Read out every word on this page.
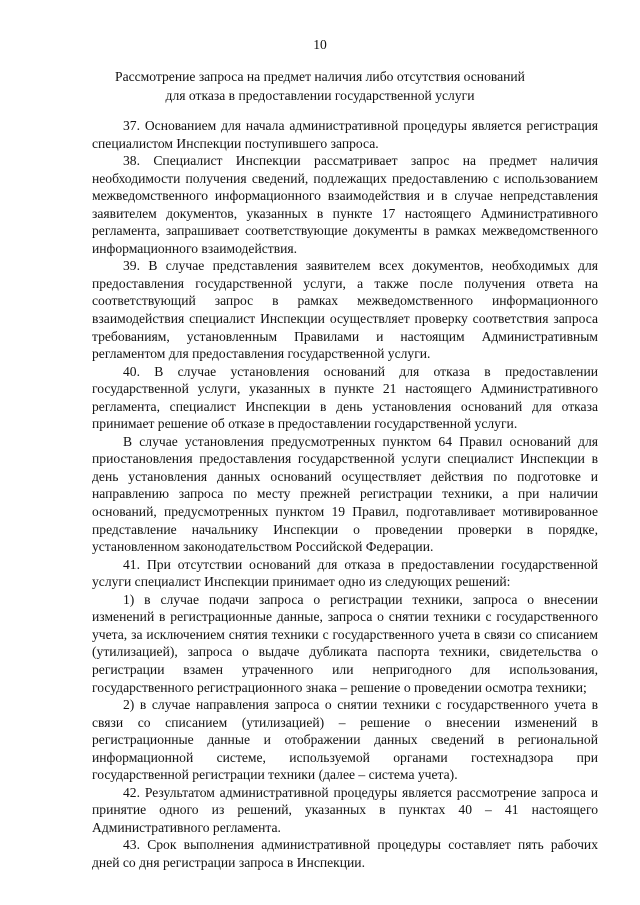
10
Рассмотрение запроса на предмет наличия либо отсутствия оснований
для отказа в предоставлении государственной услуги

37. Основанием для начала административной процедуры является регистрация специалистом Инспекции поступившего запроса.

38. Специалист Инспекции рассматривает запрос на предмет наличия необходимости получения сведений, подлежащих предоставлению с использованием межведомственного информационного взаимодействия и в случае непредставления заявителем документов, указанных в пункте 17 настоящего Административного регламента, запрашивает соответствующие документы в рамках межведомственного информационного взаимодействия.

39. В случае представления заявителем всех документов, необходимых для предоставления государственной услуги, а также после получения ответа на соответствующий запрос в рамках межведомственного информационного взаимодействия специалист Инспекции осуществляет проверку соответствия запроса требованиям, установленным Правилами и настоящим Административным регламентом для предоставления государственной услуги.

40. В случае установления оснований для отказа в предоставлении государственной услуги, указанных в пункте 21 настоящего Административного регламента, специалист Инспекции в день установления оснований для отказа принимает решение об отказе в предоставлении государственной услуги.

В случае установления предусмотренных пунктом 64 Правил оснований для приостановления предоставления государственной услуги специалист Инспекции в день установления данных оснований осуществляет действия по подготовке и направлению запроса по месту прежней регистрации техники, а при наличии оснований, предусмотренных пунктом 19 Правил, подготавливает мотивированное представление начальнику Инспекции о проведении проверки в порядке, установленном законодательством Российской Федерации.

41. При отсутствии оснований для отказа в предоставлении государственной услуги специалист Инспекции принимает одно из следующих решений:

1) в случае подачи запроса о регистрации техники, запроса о внесении изменений в регистрационные данные, запроса о снятии техники с государственного учета, за исключением снятия техники с государственного учета в связи со списанием (утилизацией), запроса о выдаче дубликата паспорта техники, свидетельства о регистрации взамен утраченного или непригодного для использования, государственного регистрационного знака – решение о проведении осмотра техники;

2) в случае направления запроса о снятии техники с государственного учета в связи со списанием (утилизацией) – решение о внесении изменений в регистрационные данные и отображении данных сведений в региональной информационной системе, используемой органами гостехнадзора при государственной регистрации техники (далее – система учета).

42. Результатом административной процедуры является рассмотрение запроса и принятие одного из решений, указанных в пунктах 40 – 41 настоящего Административного регламента.

43. Срок выполнения административной процедуры составляет пять рабочих дней со дня регистрации запроса в Инспекции.
